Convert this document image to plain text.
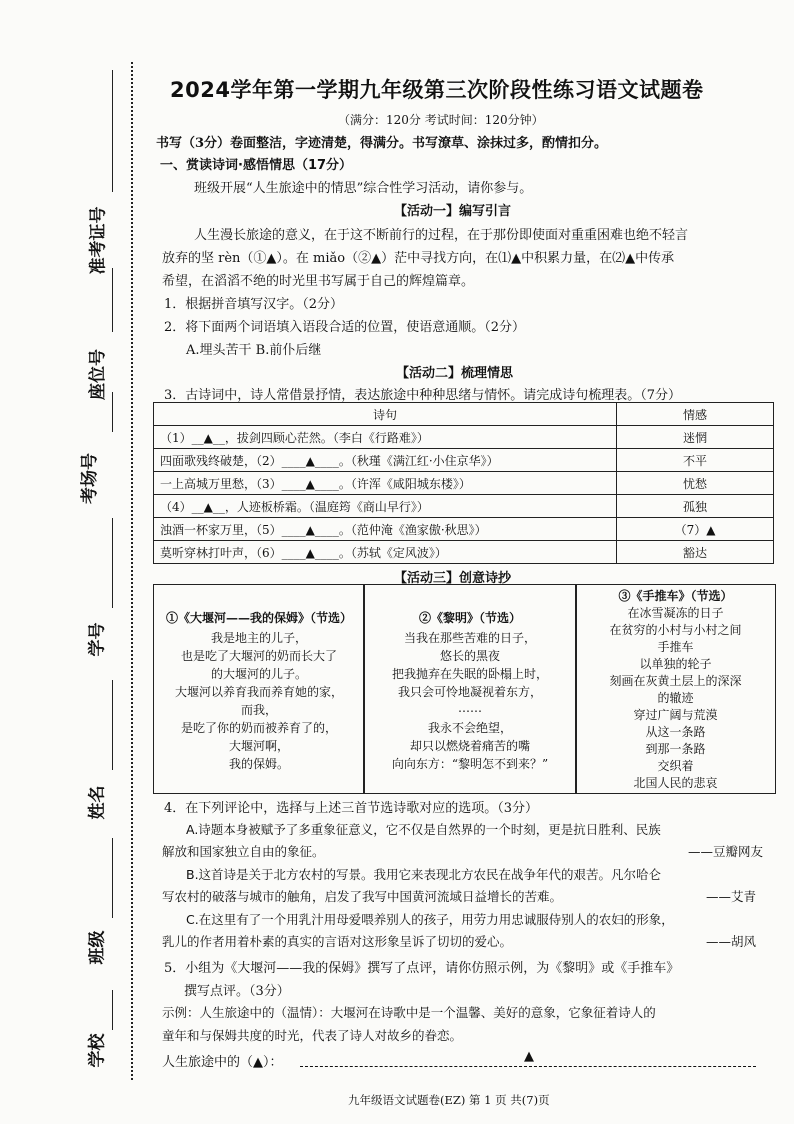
准考证号
座位号
考场号
学号
姓名
班级
学校
2024学年第一学期九年级第三次阶段性练习语文试题卷
（满分：120分 考试时间：120分钟）
书写（3分）卷面整洁，字迹清楚，得满分。书写潦草、涂抹过多，酌情扣分。
一、赏读诗词·感悟情思（17分）
班级开展“人生旅途中的情思”综合性学习活动，请你参与。
【活动一】编写引言
人生漫长旅途的意义，在于这不断前行的过程，在于那份即使面对重重困难也绝不轻言
放弃的坚 rèn（①▲）。在 miǎo（②▲）茫中寻找方向，在⑴▲中积累力量，在⑵▲中传承
希望，在滔滔不绝的时光里书写属于自己的辉煌篇章。
1．根据拼音填写汉字。（2分）
2．将下面两个词语填入语段合适的位置，使语意通顺。（2分）
A.埋头苦干 B.前仆后继
【活动二】梳理情思
3．古诗词中，诗人常借景抒情，表达旅途中种种思绪与情怀。请完成诗句梳理表。（7分）
诗句	情感
（1）__▲__，拔剑四顾心茫然。（李白《行路难》）	迷惘
四面歌残终破楚，（2）____▲____。（秋瑾《满江红·小住京华》）	不平
一上高城万里愁，（3）____▲____。（许浑《咸阳城东楼》）	忧愁
（4）__▲__，人迹板桥霜。（温庭筠《商山早行》）	孤独
浊酒一杯家万里，（5）____▲____。（范仲淹《渔家傲·秋思》）	（7）▲
莫听穿林打叶声，（6）____▲____。（苏轼《定风波》）	豁达
【活动三】创意诗抄
①《大堰河——我的保姆》（节选）
我是地主的儿子，
也是吃了大堰河的奶而长大了
的大堰河的儿子。
大堰河以养育我而养育她的家，
而我，
是吃了你的奶而被养育了的，
大堰河啊，
我的保姆。
②《黎明》（节选）
当我在那些苦难的日子，
悠长的黑夜
把我抛弃在失眠的卧榻上时，
我只会可怜地凝视着东方，
……
我永不会绝望，
却只以燃烧着痛苦的嘴
向向东方：“黎明怎不到来？”
③《手推车》（节选）
在冰雪凝冻的日子
在贫穷的小村与小村之间
手推车
以单独的轮子
刻画在灰黄土层上的深深
的辙迹
穿过广阔与荒漠
从这一条路
到那一条路
交织着
北国人民的悲哀
4．在下列评论中，选择与上述三首节选诗歌对应的选项。（3分）
A.诗题本身被赋予了多重象征意义，它不仅是自然界的一个时刻，更是抗日胜利、民族
解放和国家独立自由的象征。	——豆瓣网友
B.这首诗是关于北方农村的写景。我用它来表现北方农民在战争年代的艰苦。凡尔哈仑
写农村的破落与城市的触角，启发了我写中国黄河流域日益增长的苦难。	——艾青
C.在这里有了一个用乳汁用母爱喂养别人的孩子，用劳力用忠诚服侍别人的农妇的形象，
乳儿的作者用着朴素的真实的言语对这形象呈诉了切切的爱心。	——胡风
5．小组为《大堰河——我的保姆》撰写了点评，请你仿照示例，为《黎明》或《手推车》
撰写点评。（3分）
示例：人生旅途中的（温情）：大堰河在诗歌中是一个温馨、美好的意象，它象征着诗人的
童年和与保姆共度的时光，代表了诗人对故乡的眷恋。
人生旅途中的（▲）：	▲
九年级语文试题卷(EZ) 第 1 页 共(7)页
